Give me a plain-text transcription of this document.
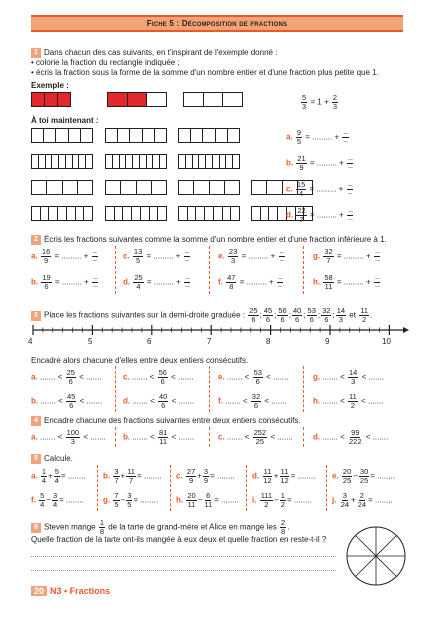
Fiche 5 : Décomposition de fractions
1 Dans chacun des cas suivants, en t'inspirant de l'exemple donné :
• colorie la fraction du rectangle indiquée ;
• écris la fraction sous la forme de la somme d'un nombre entier et d'une fraction plus petite que 1.
Exemple :
$\frac{5}{3} = 1 + \frac{2}{3}$
À toi maintenant :
a. $\frac{9}{5}$ = ......... + $\frac{.....}{.....}$
b. $\frac{21}{9}$ = ......... + $\frac{.....}{.....}$
c. $\frac{15}{4}$ = ......... + $\frac{.....}{.....}$
d. $\frac{22}{7}$ = ......... + $\frac{.....}{.....}$
2 Écris les fractions suivantes comme la somme d'un nombre entier et d'une fraction inférieure à 1.
a. $\frac{16}{9}$ = ......... + $\frac{.....}{.....}$	c. $\frac{13}{5}$ = ......... + $\frac{.....}{.....}$	e. $\frac{23}{3}$ = ......... + $\frac{.....}{.....}$	g. $\frac{32}{7}$ = ......... + $\frac{.....}{.....}$
b. $\frac{19}{6}$ = ......... + $\frac{.....}{.....}$	d. $\frac{25}{4}$ = ......... + $\frac{.....}{.....}$	f. $\frac{47}{8}$ = ......... + $\frac{.....}{.....}$	h. $\frac{58}{11}$ = ......... + $\frac{.....}{.....}$
3 Place les fractions suivantes sur la demi-droite graduée : $\frac{25}{6}$ ; $\frac{45}{6}$ ; $\frac{56}{6}$ ; $\frac{40}{6}$ ; $\frac{53}{6}$ ; $\frac{32}{6}$ ; $\frac{14}{3}$ et $\frac{11}{2}$ .
4	5	6	7	8	9	10
Encadre alors chacune d'elles entre deux entiers consécutifs.
a. ....... < $\frac{25}{6}$ < .......	c. ....... < $\frac{56}{6}$ < .......	e. ....... < $\frac{53}{6}$ < .......	g. ....... < $\frac{14}{3}$ < .......
b. ....... < $\frac{45}{6}$ < .......	d. ....... < $\frac{40}{6}$ < .......	f. ....... < $\frac{32}{6}$ < .......	h. ....... < $\frac{11}{2}$ < .......
4 Encadre chacune des fractions suivantes entre deux entiers consécutifs.
a. ....... < $\frac{100}{3}$ < ....... b. ....... < $\frac{81}{11}$ < .......	c. ....... < $\frac{252}{25}$ < .......	d. ....... < $\frac{99}{222}$ < .......
5 Calcule.
a. $\frac{1}{4} + \frac{5}{4}$ = ........ b. $\frac{3}{7} + \frac{11}{7}$ = ........ c. $\frac{27}{9} + \frac{3}{9}$ = ........ d. $\frac{11}{12} + \frac{11}{12}$ = ........ e. $\frac{20}{25} - \frac{30}{25}$ = ........
f. $\frac{5}{4} - \frac{3}{4}$ = ........ g. $\frac{7}{5} - \frac{3}{5}$ = ........ h. $\frac{20}{11} - \frac{6}{11}$ = ........ i. $\frac{111}{2} - \frac{1}{2}$ = ........	j. $\frac{3}{24} + \frac{2}{24}$ = ........
6 Steven mange $\frac{1}{8}$ de la tarte de grand-mère et Alice en mange les $\frac{2}{8}$ .
Quelle fraction de la tarte ont-ils mangée à eux deux et quelle fraction en reste-t-il ?
20 N3 • Fractions
